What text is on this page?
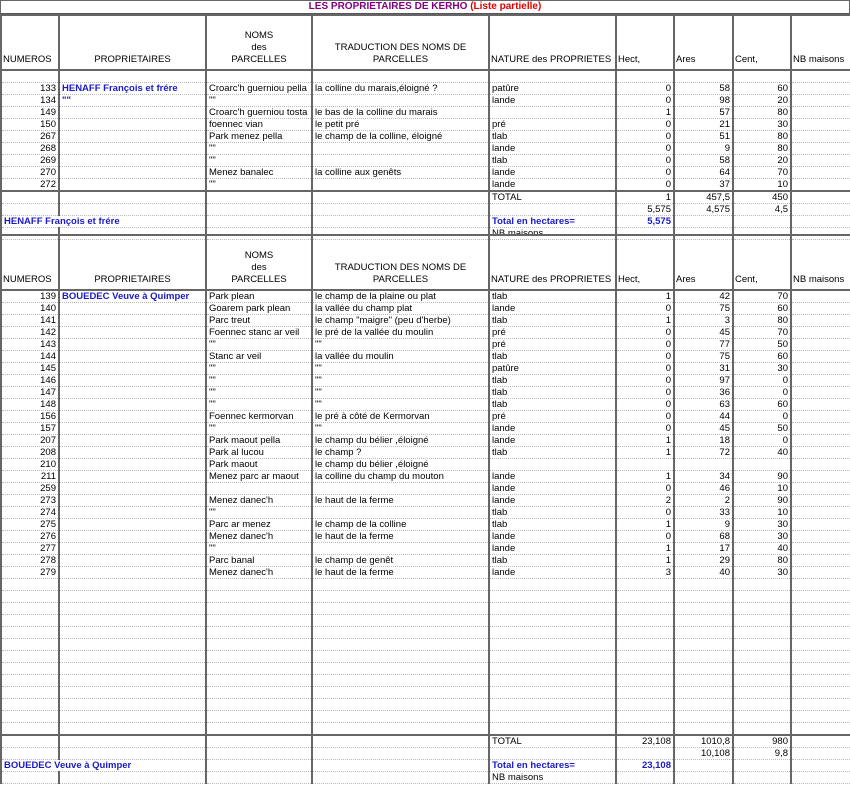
LES PROPRIETAIRES DE KERHO (Liste partielle)
NUMEROS	PROPRIETAIRES	NOMS
des
PARCELLES	TRADUCTION DES NOMS DE
PARCELLES	NATURE des PROPRIETES	Hect,	Ares	Cent,	NB maisons

133	HENAFF François et frére	Croarc'h guerniou pella	la colline du marais,éloigné ?	patûre	0	58	60	
134	""	""		lande	0	98	20	
149		Croarc'h guerniou tosta	le bas de la colline du marais		1	57	80	
150		foennec vian	le petit pré	pré	0	21	30	
267		Park menez pella	le champ de la colline, éloigné	tlab	0	51	80	
268		""		lande	0	9	80	
269		""		tlab	0	58	20	
270		Menez banalec	la colline aux genêts	lande	0	64	70	
272		""		lande	0	37	10	
				TOTAL	1	457,5	450	
					5,575	4,575	4,5	
HENAFF François et frére				Total en hectares=	5,575			
				NB maisons				
NUMEROS	PROPRIETAIRES	NOMS
des
PARCELLES	TRADUCTION DES NOMS DE
PARCELLES	NATURE des PROPRIETES	Hect,	Ares	Cent,	NB maisons
139	BOUEDEC Veuve à Quimper	Park plean	le champ de la plaine ou plat	tlab	1	42	70	
140		Goarem park plean	la vallée du champ plat	lande	0	75	60	
141		Parc treut	le champ "maigre" (peu d'herbe)	tlab	1	3	80	
142		Foennec stanc ar veil	le pré de la vallée du moulin	pré	0	45	70	
143		""	""	pré	0	77	50	
144		Stanc ar veil	la vallée du moulin	tlab	0	75	60	
145		""	""	patûre	0	31	30	
146		""	""	tlab	0	97	0	
147		""	""	tlab	0	36	0	
148		""	""	tlab	0	63	60	
156		Foennec kermorvan	le pré à côté de Kermorvan	pré	0	44	0	
157		""	""	lande	0	45	50	
207		Park maout pella	le champ du bélier ,éloigné	lande	1	18	0	
208		Park al lucou	le champ ?	tlab	1	72	40	
210		Park maout	le champ du bélier ,éloigné					
211		Menez parc ar maout	la colline du champ du mouton	lande	1	34	90	
259				lande	0	46	10	
273		Menez danec'h	le haut de la ferme	lande	2	2	90	
274		""		tlab	0	33	10	
275		Parc ar menez	le champ de la colline	tlab	1	9	30	
276		Menez danec'h	le haut de la ferme	lande	0	68	30	
277		""		lande	1	17	40	
278		Parc banal	le champ de genêt	tlab	1	29	80	
279		Menez danec'h	le haut de la ferme	lande	3	40	30	

				TOTAL	23,108	1010,8	980	
						10,108	9,8	
BOUEDEC Veuve à Quimper				Total en hectares=	23,108			
				NB maisons				
